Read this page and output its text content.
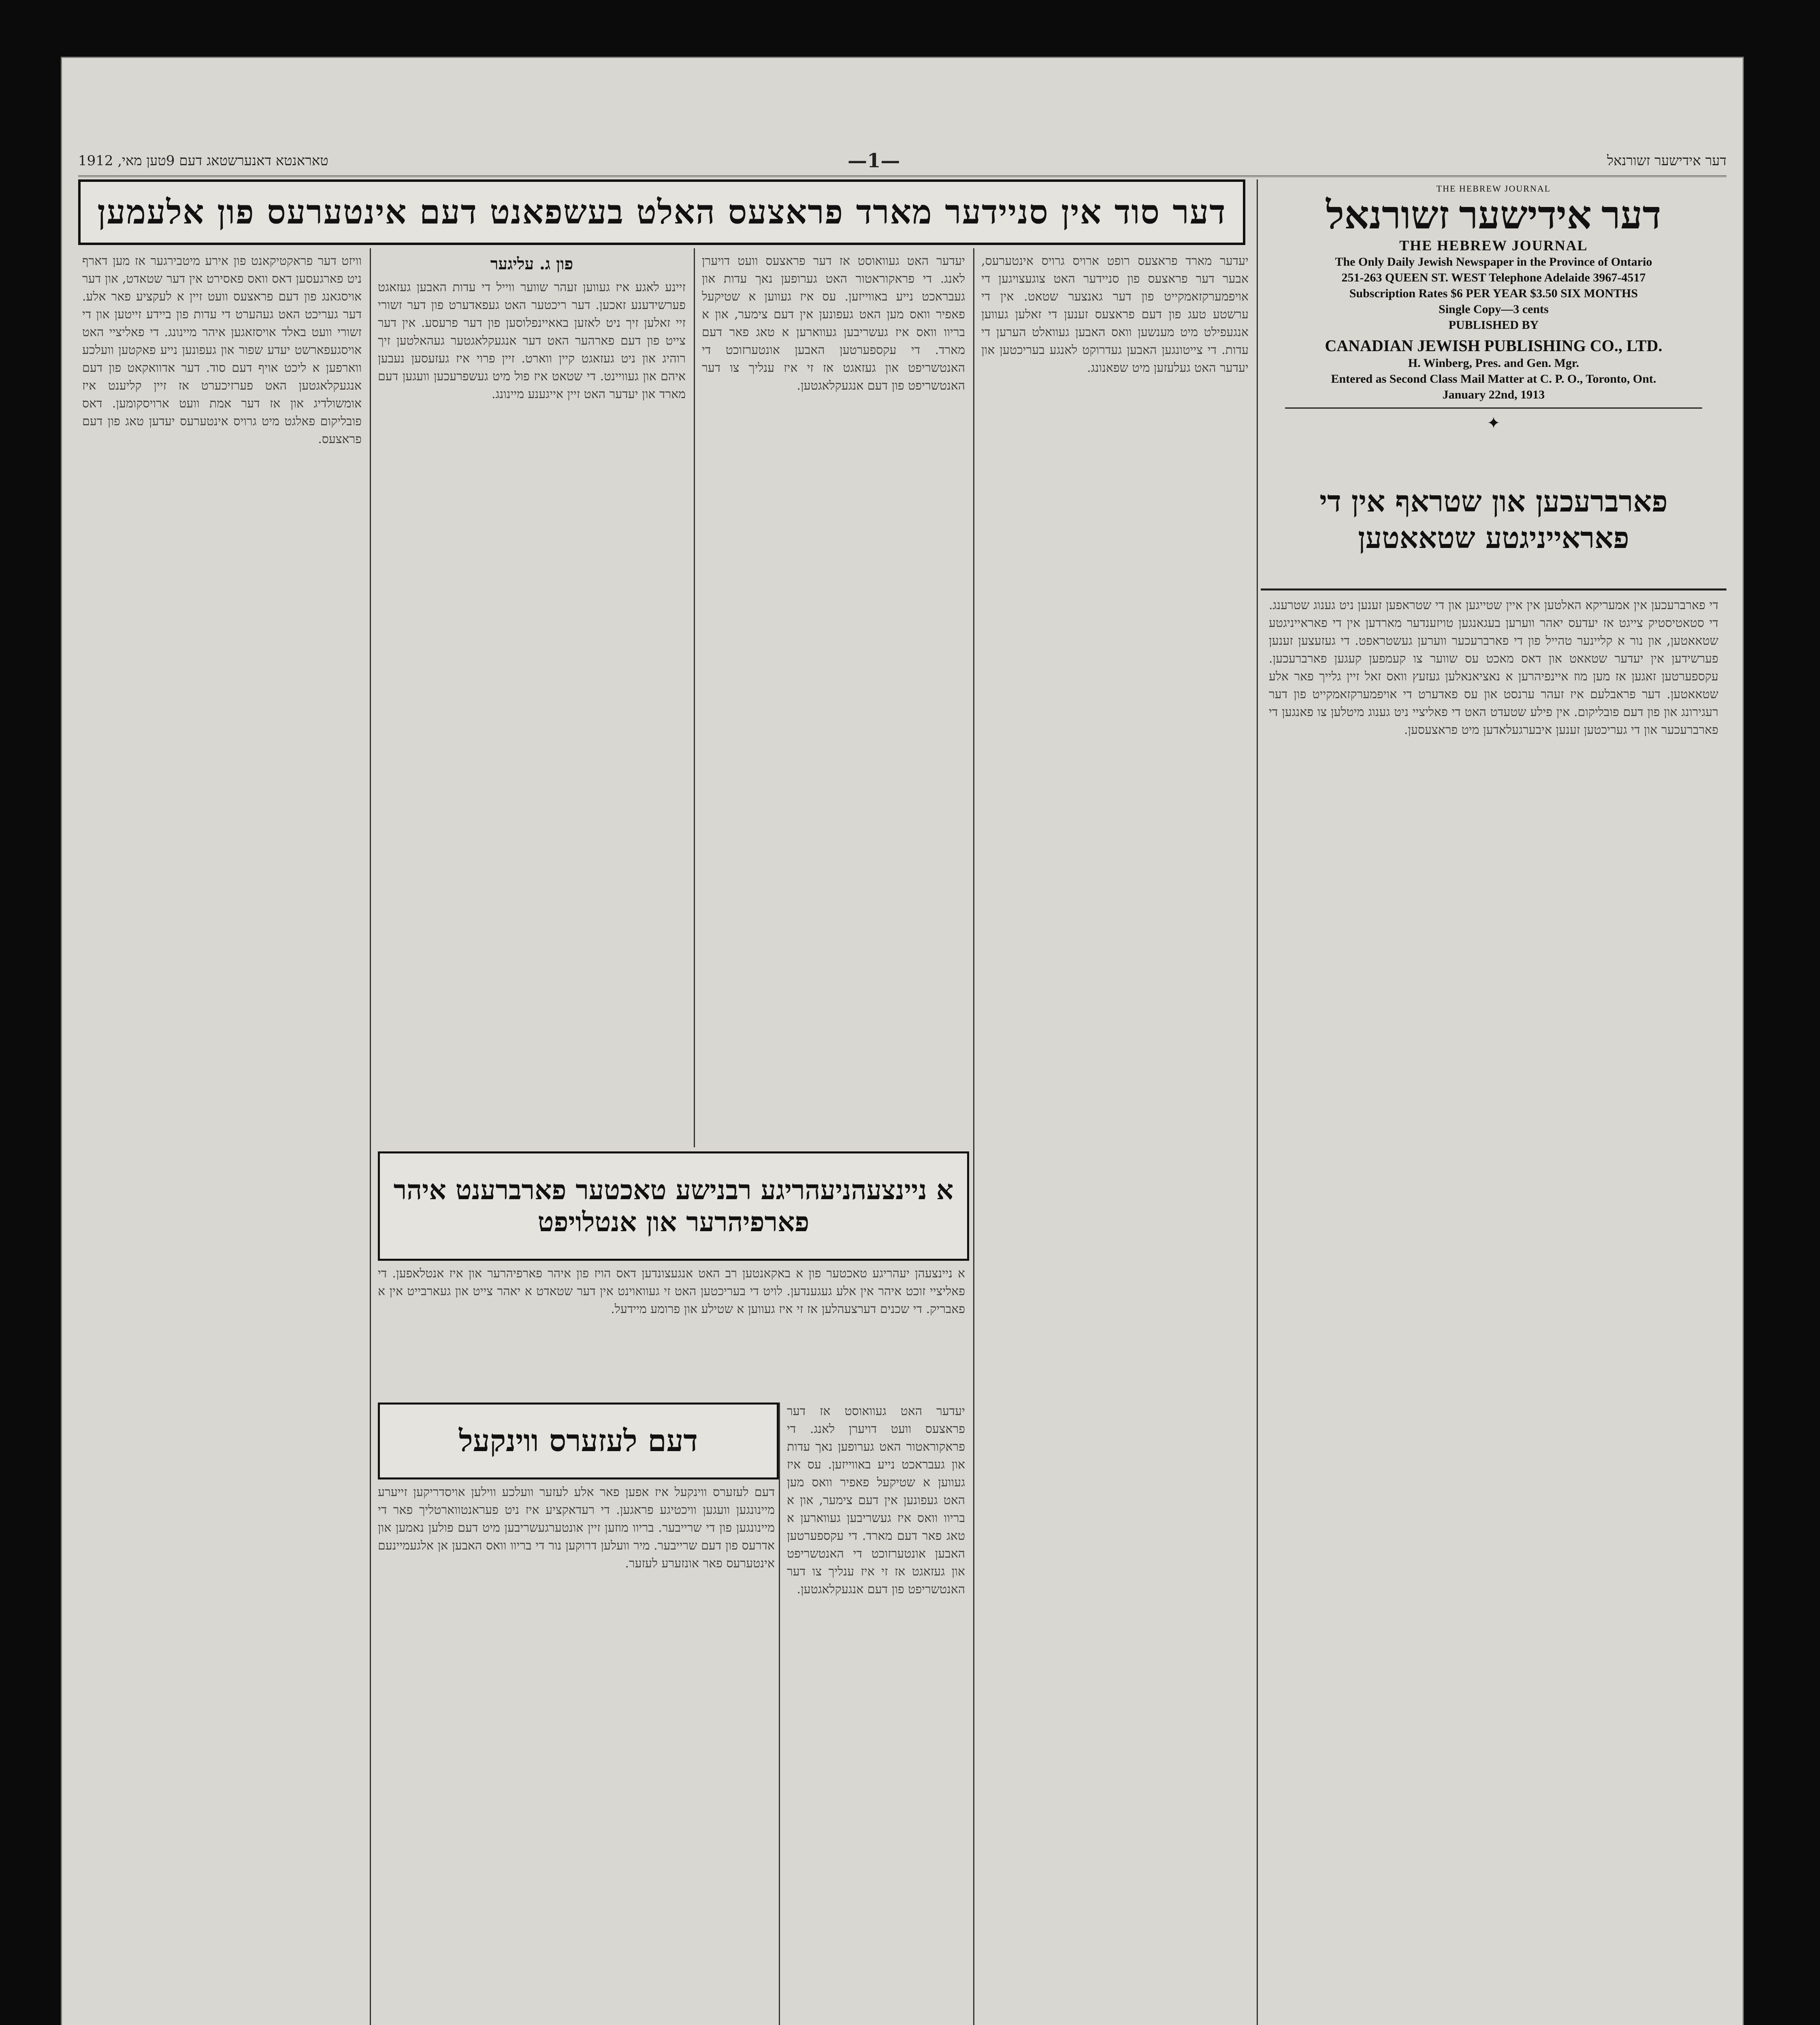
טאראנטא דאנערשטאג דעם 9טען מאי, 1912	—1—	דער אידישער זשורנאל
דער סוד אין סניידער מארד פראצעס האלט בעשפאנט דעם אינטערעס פון אלעמען
THE HEBREW JOURNAL
דער אידישער זשורנאל
THE HEBREW JOURNAL
The Only Daily Jewish Newspaper in the Province of Ontario
251-263 QUEEN ST. WEST Telephone Adelaide 3967-4517
Subscription Rates $6 PER YEAR $3.50 SIX MONTHS
Single Copy—3 cents
PUBLISHED BY
CANADIAN JEWISH PUBLISHING CO., LTD.
H. Winberg, Pres. and Gen. Mgr.
Entered as Second Class Mail Matter at C. P. O., Toronto, Ont.
January 22nd, 1913
✦
פארברעכען און שטראף אין די פאראייניגטע שטאאטען
די פארברעכען אין אמעריקא האלטען אין איין שטייגען און די שטראפען זענען ניט גענוג שטרענג. די סטאטיסטיק צייגט אז יעדעס יאהר ווערען בעגאנגען טויזענדער מארדען אין די פאראייניגטע שטאאטען, און נור א קליינער טהייל פון די פארברעכער ווערען געשטראפט. די געזעצען זענען פערשידען אין יעדער שטאאט און דאס מאכט עס שווער צו קעמפען קעגען פארברעכען. עקספערטען זאגען אז מען מוז איינפיהרען א נאציאנאלען געזעץ וואס זאל זיין גלייך פאר אלע שטאאטען. דער פראבלעם איז זעהר ערנסט און עס פאדערט די אויפמערקזאמקייט פון דער רעגירונג און פון דעם פובליקום. אין פילע שטעדט האט די פאליציי ניט גענוג מיטלען צו פאנגען די פארברעכער און די געריכטען זענען איבערגעלאדען מיט פראצעסען.
יעדער מארד פראצעס רופט ארויס גרויס אינטערעס, אבער דער פראצעס פון סניידער האט צוגעצויגען די אויפמערקזאמקייט פון דער גאנצער שטאט. אין די ערשטע טעג פון דעם פראצעס זענען די זאלען געווען אנגעפילט מיט מענשען וואס האבען געוואלט הערען די עדות. די צייטונגען האבען געדרוקט לאנגע בעריכטען און יעדער האט געלעזען מיט שפאנונג.
יעדער האט געוואוסט אז דער פראצעס וועט דויערן לאנג. די פראקוראטור האט גערופען נאך עדות און געבראכט נייע באווייזען. עס איז געווען א שטיקעל פאפיר וואס מען האט געפונען אין דעם צימער, און א בריוו וואס איז געשריבען געווארען א טאג פאר דעם מארד. די עקספערטען האבען אונטערזוכט די האנטשריפט און געזאגט אז זי איז ענליך צו דער האנטשריפט פון דעם אנגעקלאגטען.
פון ג. עליגער
זיינע לאגע איז געווען זעהר שווער ווייל די עדות האבען געזאגט פערשידענע זאכען. דער ריכטער האט געפאדערט פון דער זשורי זיי זאלען זיך ניט לאזען באאיינפלוסען פון דער פרעסע. אין דער צייט פון דעם פארהער האט דער אנגעקלאגטער געהאלטען זיך רוהיג און ניט געזאגט קיין ווארט. זיין פרוי איז געזעסען נעבען איהם און געוויינט. די שטאט איז פול מיט געשפרעכען וועגען דעם מארד און יעדער האט זיין אייגענע מיינונג.
וויזט דער פראקטיקאנט פון אירע מיטבירגער אז מען דארף ניט פארגעסען דאס וואס פאסירט אין דער שטאדט, און דער אויסגאנג פון דעם פראצעס וועט זיין א לעקציע פאר אלע. דער געריכט האט געהערט די עדות פון ביידע זייטען און די זשורי וועט באלד אויסזאגען איהר מיינונג. די פאליציי האט אויסגעפארשט יעדע שפור און געפונען נייע פאקטען וועלכע ווארפען א ליכט אויף דעם סוד. דער אדוואקאט פון דעם אנגעקלאגטען האט פערזיכערט אז זיין קליענט איז אומשולדיג און אז דער אמת וועט ארויסקומען. דאס פובליקום פאלגט מיט גרויס אינטערעס יעדען טאג פון דעם פראצעס.
א ניינצעהניעהריגע רבנישע טאכטער פארברענט איהר פארפיהרער און אנטלויפט
א ניינצעהן יעהריגע טאכטער פון א באקאנטען רב האט אנגעצונדען דאס הויז פון איהר פארפיהרער און איז אנטלאפען. די פאליציי זוכט איהר אין אלע געגענדען. לויט די בעריכטען האט זי געוואוינט אין דער שטאדט א יאהר צייט און געארבייט אין א פאבריק. די שכנים דערצעהלען אז זי איז געווען א שטילע און פרומע מיידעל.
דעם לעזערס ווינקעל
דעם לעזערס ווינקעל איז אפען פאר אלע לעזער וועלכע ווילען אויסדריקען זייערע מיינונגען וועגען וויכטיגע פראגען. די רעדאקציע איז ניט פעראנטווארטליך פאר די מיינונגען פון די שרייבער. בריוו מוזען זיין אונטערגעשריבען מיט דעם פולען נאמען און אדרעס פון דעם שרייבער. מיר וועלען דרוקען נור די בריוו וואס האבען אן אלגעמיינעם אינטערעס פאר אונזערע לעזער.
יעדער האט געוואוסט אז דער פראצעס וועט דויערן לאנג. די פראקוראטור האט גערופען נאך עדות און געבראכט נייע באווייזען. עס איז געווען א שטיקעל פאפיר וואס מען האט געפונען אין דעם צימער, און א בריוו וואס איז געשריבען געווארען א טאג פאר דעם מארד. די עקספערטען האבען אונטערזוכט די האנטשריפט און געזאגט אז זי איז ענליך צו דער האנטשריפט פון דעם אנגעקלאגטען.
